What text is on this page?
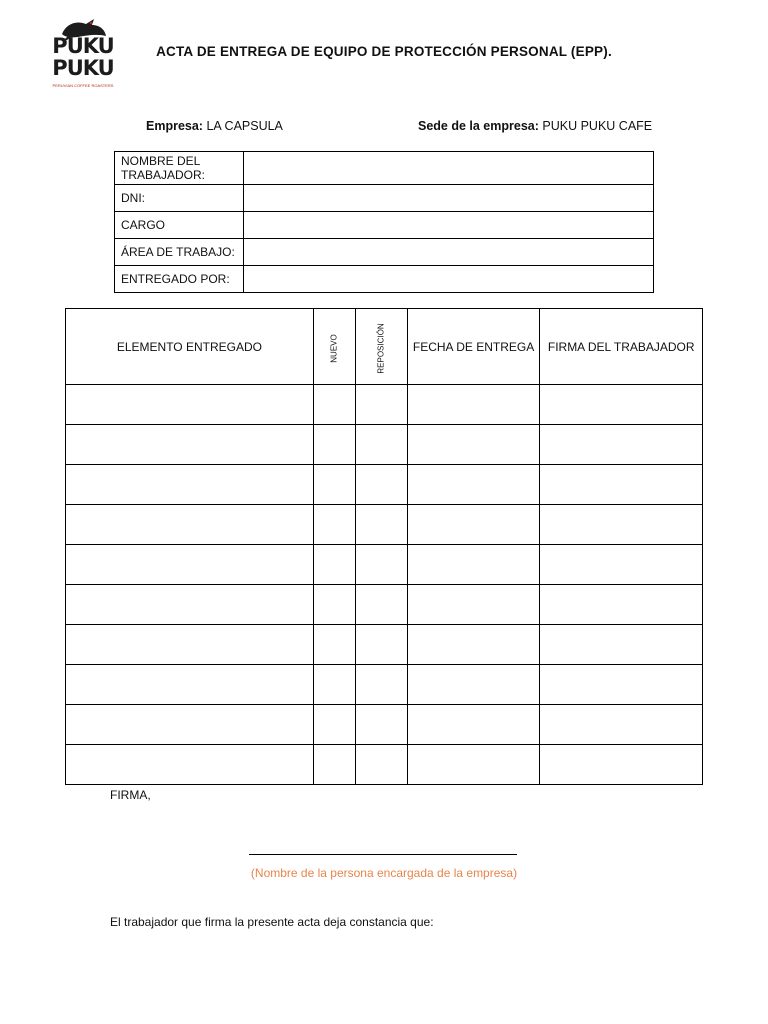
PUKU
PUKU
PERUVIAN COFFEE ROASTERS
ACTA DE ENTREGA DE EQUIPO DE PROTECCIÓN PERSONAL (EPP).
Empresa: LA CAPSULA	Sede de la empresa: PUKU PUKU CAFE
NOMBRE DEL TRABAJADOR:	
DNI:	
CARGO	
ÁREA DE TRABAJO:	
ENTREGADO POR:	
ELEMENTO ENTREGADO	NUEVO	REPOSICIÓN	FECHA DE ENTREGA	FIRMA DEL TRABAJADOR

FIRMA,
(Nombre de la persona encargada de la empresa)
El trabajador que firma la presente acta deja constancia que:
